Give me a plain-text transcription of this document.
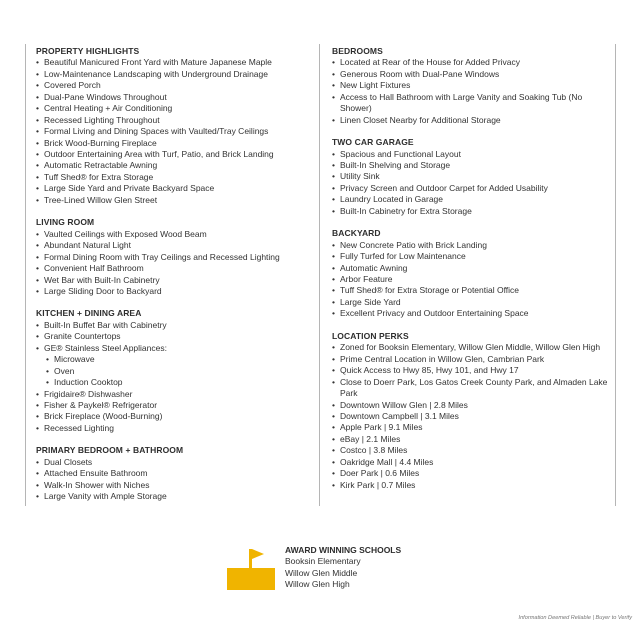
PROPERTY HIGHLIGHTS
• Beautiful Manicured Front Yard with Mature Japanese Maple
• Low-Maintenance Landscaping with Underground Drainage
• Covered Porch
• Dual-Pane Windows Throughout
• Central Heating + Air Conditioning
• Recessed Lighting Throughout
• Formal Living and Dining Spaces with Vaulted/Tray Ceilings
• Brick Wood-Burning Fireplace
• Outdoor Entertaining Area with Turf, Patio, and Brick Landing
• Automatic Retractable Awning
• Tuff Shed® for Extra Storage
• Large Side Yard and Private Backyard Space
• Tree-Lined Willow Glen Street
LIVING ROOM
• Vaulted Ceilings with Exposed Wood Beam
• Abundant Natural Light
• Formal Dining Room with Tray Ceilings and Recessed Lighting
• Convenient Half Bathroom
• Wet Bar with Built-In Cabinetry
• Large Sliding Door to Backyard
KITCHEN + DINING AREA
• Built-In Buffet Bar with Cabinetry
• Granite Countertops
• GE® Stainless Steel Appliances:
• Microwave
• Oven
• Induction Cooktop
• Frigidaire® Dishwasher
• Fisher & Paykel® Refrigerator
• Brick Fireplace (Wood-Burning)
• Recessed Lighting
PRIMARY BEDROOM + BATHROOM
• Dual Closets
• Attached Ensuite Bathroom
• Walk-In Shower with Niches
• Large Vanity with Ample Storage
BEDROOMS
• Located at Rear of the House for Added Privacy
• Generous Room with Dual-Pane Windows
• New Light Fixtures
• Access to Hall Bathroom with Large Vanity and Soaking Tub (No Shower)
• Linen Closet Nearby for Additional Storage
TWO CAR GARAGE
• Spacious and Functional Layout
• Built-In Shelving and Storage
• Utility Sink
• Privacy Screen and Outdoor Carpet for Added Usability
• Laundry Located in Garage
• Built-In Cabinetry for Extra Storage
BACKYARD
• New Concrete Patio with Brick Landing
• Fully Turfed for Low Maintenance
• Automatic Awning
• Arbor Feature
• Tuff Shed® for Extra Storage or Potential Office
• Large Side Yard
• Excellent Privacy and Outdoor Entertaining Space
LOCATION PERKS
• Zoned for Booksin Elementary, Willow Glen Middle, Willow Glen High
• Prime Central Location in Willow Glen, Cambrian Park
• Quick Access to Hwy 85, Hwy 101, and Hwy 17
• Close to Doerr Park, Los Gatos Creek County Park, and Almaden Lake Park
• Downtown Willow Glen | 2.8 Miles
• Downtown Campbell | 3.1 Miles
• Apple Park | 9.1 Miles
• eBay | 2.1 Miles
• Costco | 3.8 Miles
• Oakridge Mall | 4.4 Miles
• Doer Park | 0.6 Miles
• Kirk Park | 0.7 Miles
AWARD WINNING SCHOOLS
Booksin Elementary
Willow Glen Middle
Willow Glen High
Information Deemed Reliable | Buyer to Verify
